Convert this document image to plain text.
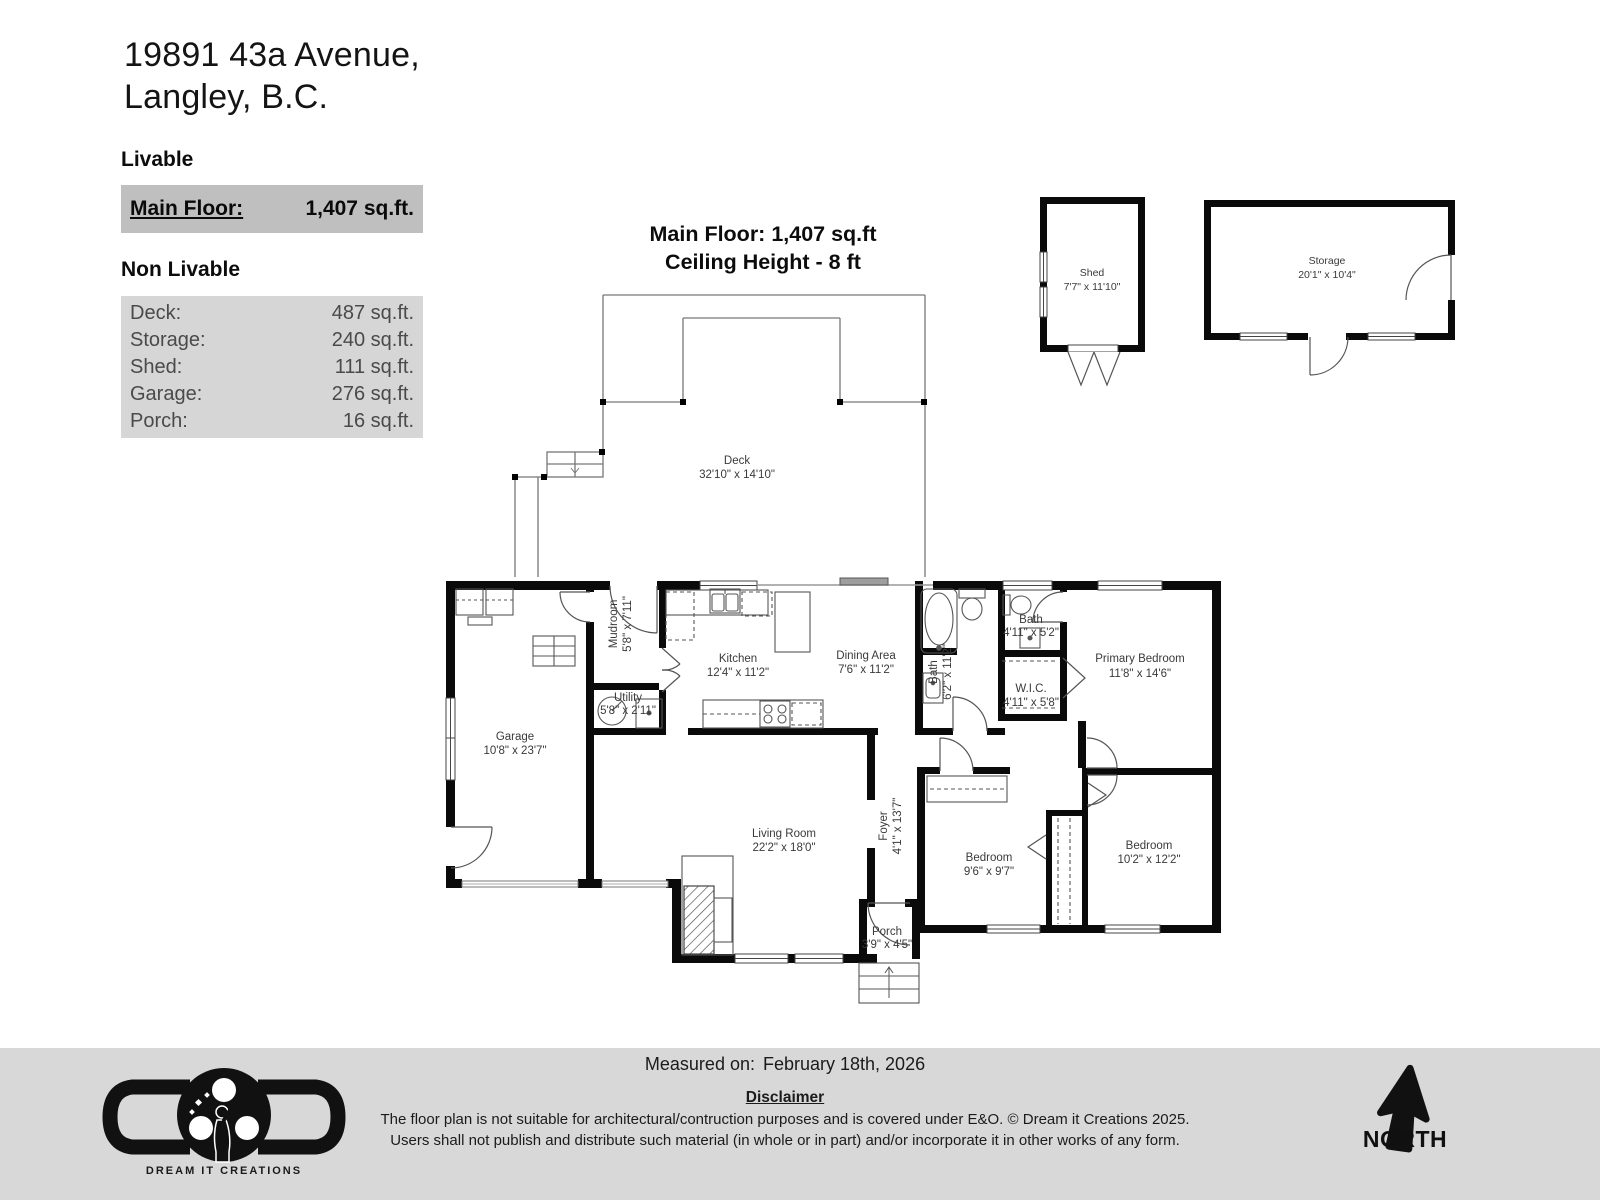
Deck 32'10" x 14'10"
Garage 10'8" x 23'7"
Mudroom 5'8" x 7'11"
Utility 5'8" x 2'11"
Kitchen 12'4" x 11'2"
Dining Area 7'6" x 11'2"	Bath 6'2" x 11'2"
Bath 4'11" x 5'2"
W.I.C. 4'11" x 5'8"
Primary Bedroom 11'8" x 14'6"
Foyer 4'1" x 13'7"
Bedroom 9'6" x 9'7"
Bedroom 10'2" x 12'2"
Living Room 22'2" x 18'0"
Porch 3'9" x 4'5"
Shed 7'7" x 11'10"
Storage 20'1" x 10'4"
Main Floor: 1,407 sq.ft
Ceiling Height - 8 ft
19891 43a Avenue,
Langley, B.C.
Livable
Main Floor:	1,407 sq.ft.
Non Livable
Deck:	487 sq.ft.
Storage:	240 sq.ft.
Shed:	111 sq.ft.
Garage:	276 sq.ft.
Porch:	16 sq.ft.
DREAM IT CREATIONS
Measured on: February 18th, 2026
Disclaimer
The floor plan is not suitable for architectural/contruction purposes and is covered under E&O. © Dream it Creations 2025.
Users shall not publish and distribute such material (in whole or in part) and/or incorporate it in other works of any form.	NORTH
